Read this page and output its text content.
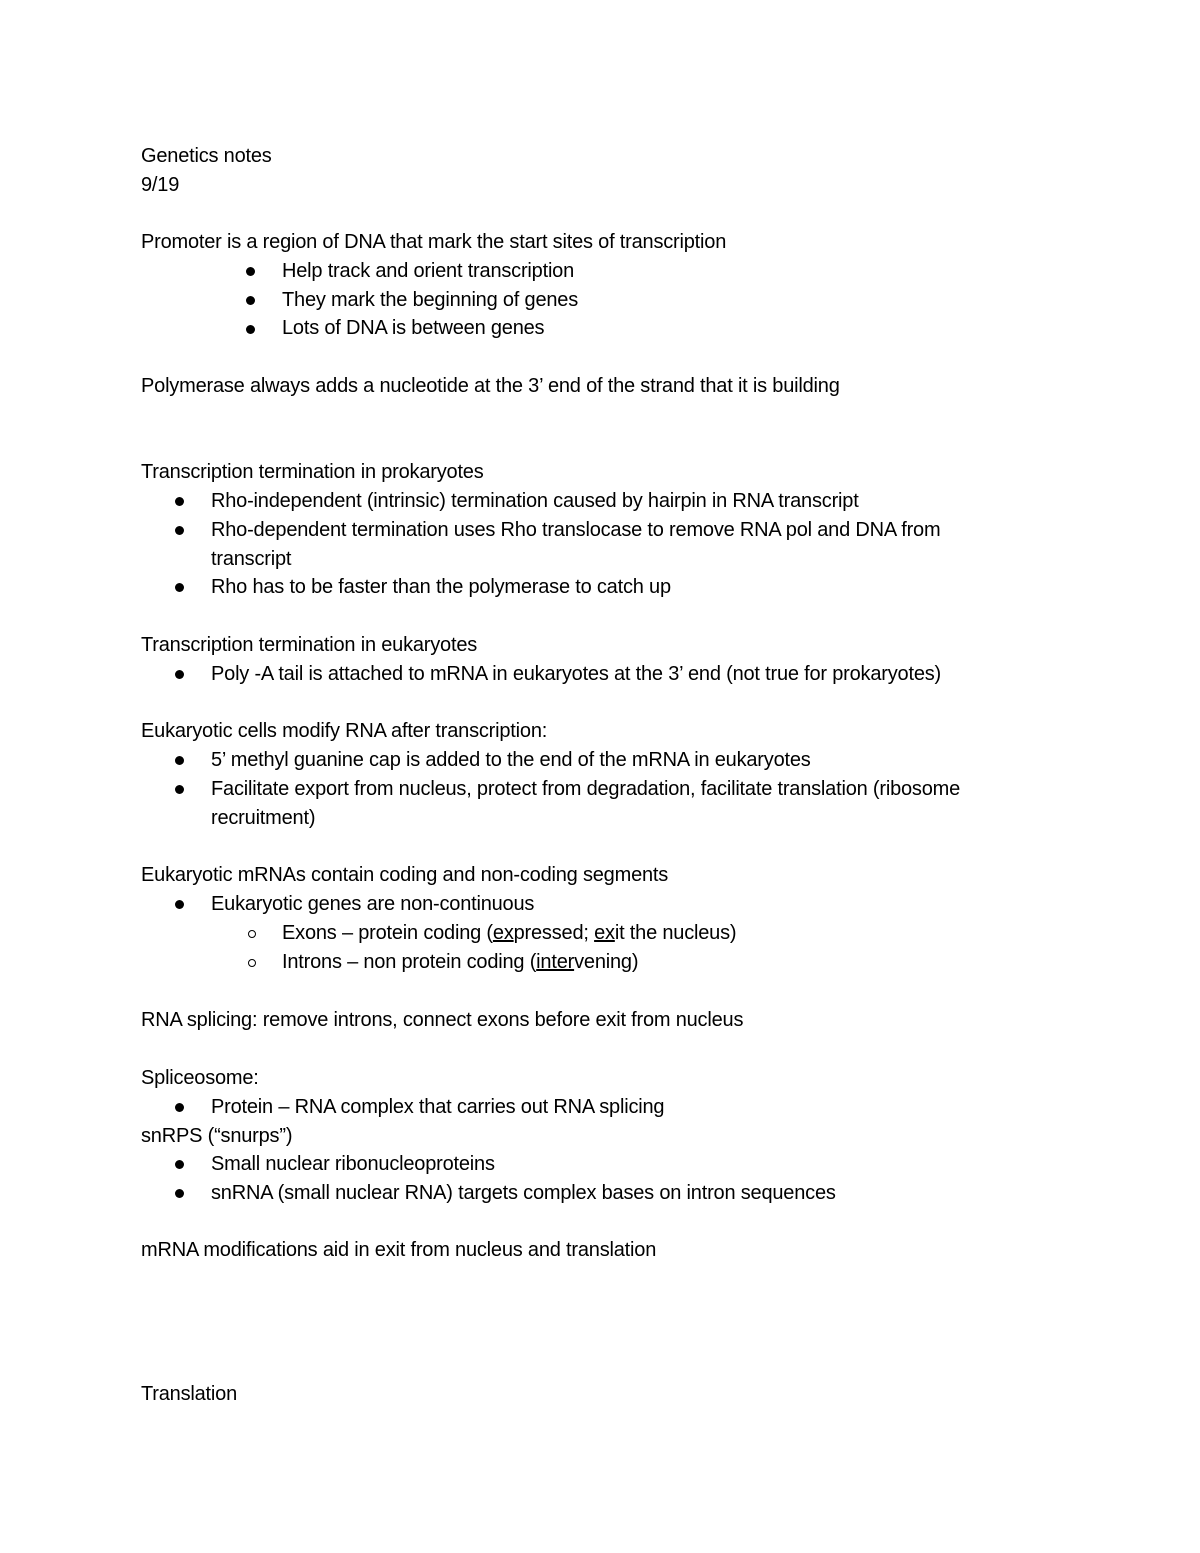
Genetics notes
9/19
Promoter is a region of DNA that mark the start sites of transcription
Help track and orient transcription
They mark the beginning of genes
Lots of DNA is between genes
Polymerase always adds a nucleotide at the 3’ end of the strand that it is building
Transcription termination in prokaryotes
Rho-independent (intrinsic) termination caused by hairpin in RNA transcript
Rho-dependent termination uses Rho translocase to remove RNA pol and DNA from
transcript
Rho has to be faster than the polymerase to catch up
Transcription termination in eukaryotes
Poly -A tail is attached to mRNA in eukaryotes at the 3’ end (not true for prokaryotes)
Eukaryotic cells modify RNA after transcription:
5’ methyl guanine cap is added to the end of the mRNA in eukaryotes
Facilitate export from nucleus, protect from degradation, facilitate translation (ribosome
recruitment)
Eukaryotic mRNAs contain coding and non-coding segments
Eukaryotic genes are non-continuous
Exons – protein coding (expressed; exit the nucleus)
Introns – non protein coding (intervening)
RNA splicing: remove introns, connect exons before exit from nucleus
Spliceosome:
Protein – RNA complex that carries out RNA splicing
snRPS (“snurps”)
Small nuclear ribonucleoproteins
snRNA (small nuclear RNA) targets complex bases on intron sequences
mRNA modifications aid in exit from nucleus and translation
Translation
